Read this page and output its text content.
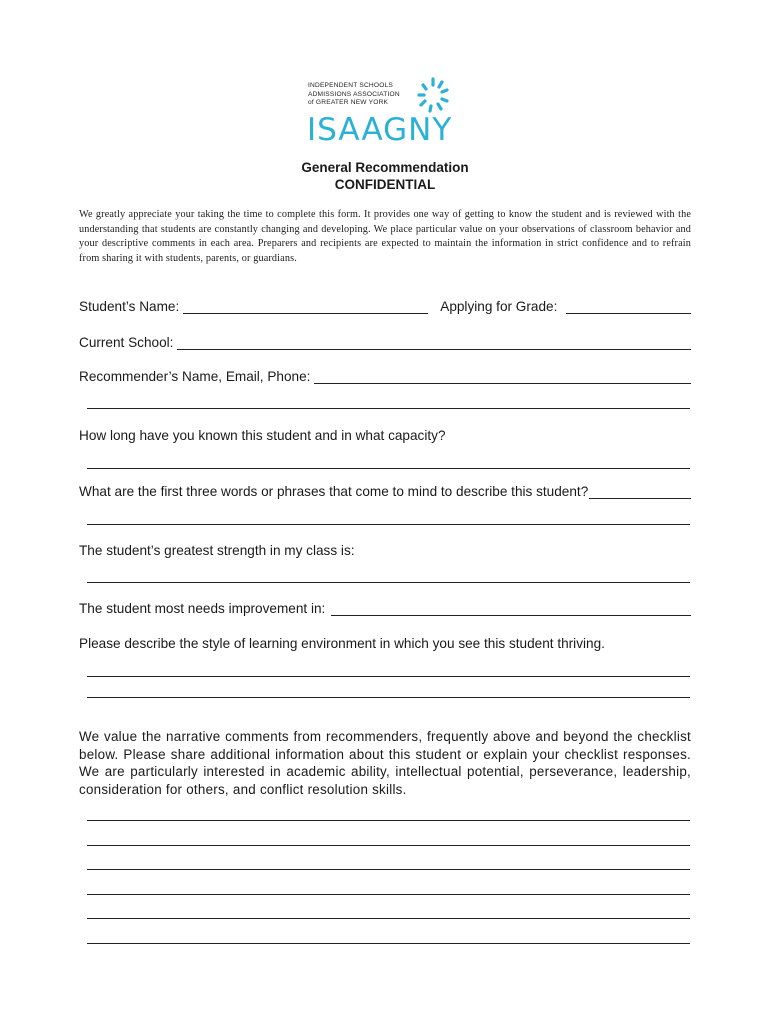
INDEPENDENT SCHOOLS
ADMISSIONS ASSOCIATION
of GREATER NEW YORK
ISAAGNY
General Recommendation
CONFIDENTIAL
We greatly appreciate your taking the time to complete this form. It provides one way of getting to know the student and is reviewed with the understanding that students are constantly changing and developing. We place particular value on your observations of classroom behavior and your descriptive comments in each area. Preparers and recipients are expected to maintain the information in strict confidence and to refrain from sharing it with students, parents, or guardians.
Student’s Name:	Applying for Grade:
Current School:
Recommender’s Name, Email, Phone:
How long have you known this student and in what capacity?
What are the first three words or phrases that come to mind to describe this student?
The student’s greatest strength in my class is:
The student most needs improvement in:
Please describe the style of learning environment in which you see this student thriving.
We value the narrative comments from recommenders, frequently above and beyond the checklist below. Please share additional information about this student or explain your checklist responses. We are particularly interested in academic ability, intellectual potential, perseverance, leadership, consideration for others, and conflict resolution skills.
